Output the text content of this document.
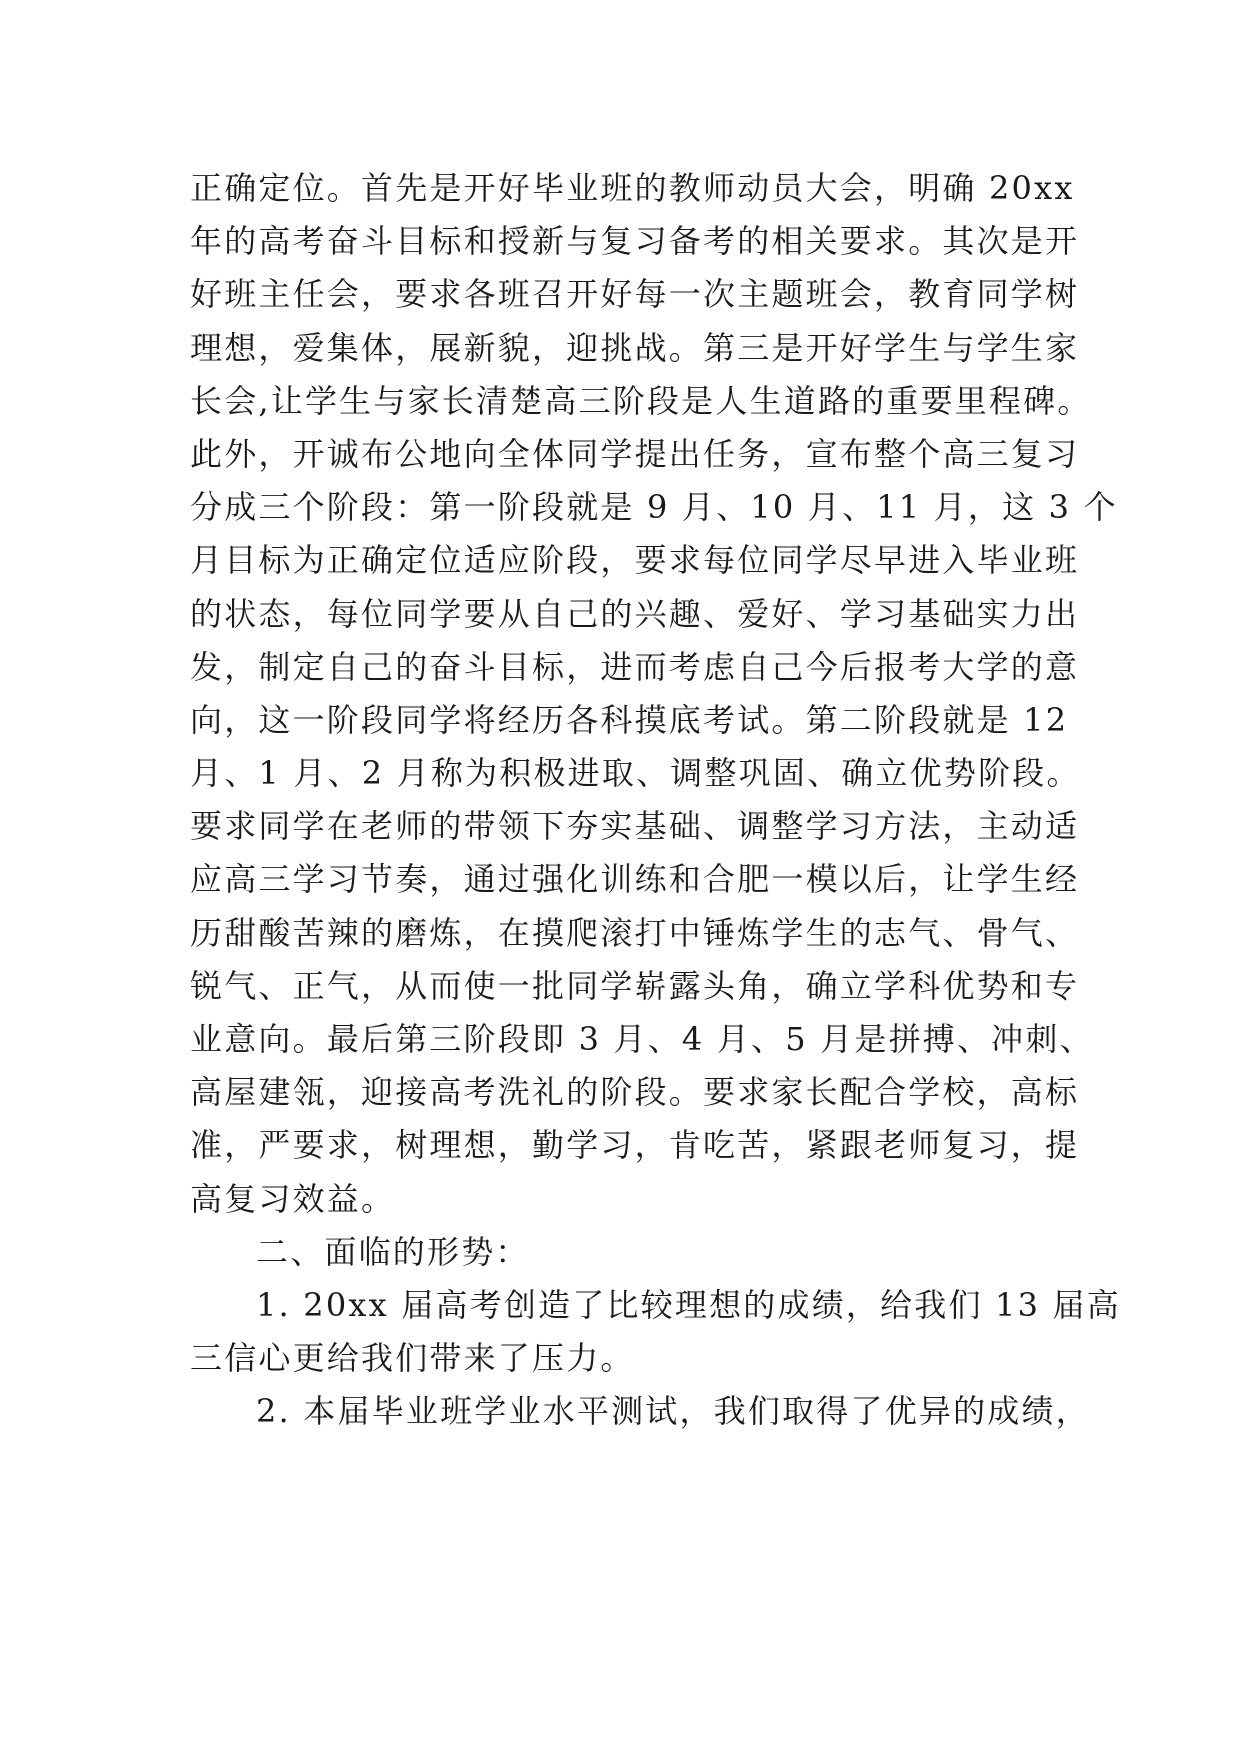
正确定位。首先是开好毕业班的教师动员大会，明确 20xx
年的高考奋斗目标和授新与复习备考的相关要求。其次是开
好班主任会，要求各班召开好每一次主题班会，教育同学树
理想，爱集体，展新貌，迎挑战。第三是开好学生与学生家
长会,让学生与家长清楚高三阶段是人生道路的重要里程碑。
此外，开诚布公地向全体同学提出任务，宣布整个高三复习
分成三个阶段：第一阶段就是 9 月、10 月、11 月，这 3 个
月目标为正确定位适应阶段，要求每位同学尽早进入毕业班
的状态，每位同学要从自己的兴趣、爱好、学习基础实力出
发，制定自己的奋斗目标，进而考虑自己今后报考大学的意
向，这一阶段同学将经历各科摸底考试。第二阶段就是 12
月、1 月、2 月称为积极进取、调整巩固、确立优势阶段。
要求同学在老师的带领下夯实基础、调整学习方法，主动适
应高三学习节奏，通过强化训练和合肥一模以后，让学生经
历甜酸苦辣的磨炼，在摸爬滚打中锤炼学生的志气、骨气、
锐气、正气，从而使一批同学崭露头角，确立学科优势和专
业意向。最后第三阶段即 3 月、4 月、5 月是拼搏、冲刺、
高屋建瓴，迎接高考洗礼的阶段。要求家长配合学校，高标
准，严要求，树理想，勤学习，肯吃苦，紧跟老师复习，提
高复习效益。
二、面临的形势：
1. 20xx 届高考创造了比较理想的成绩，给我们 13 届高
三信心更给我们带来了压力。
2. 本届毕业班学业水平测试，我们取得了优异的成绩，
